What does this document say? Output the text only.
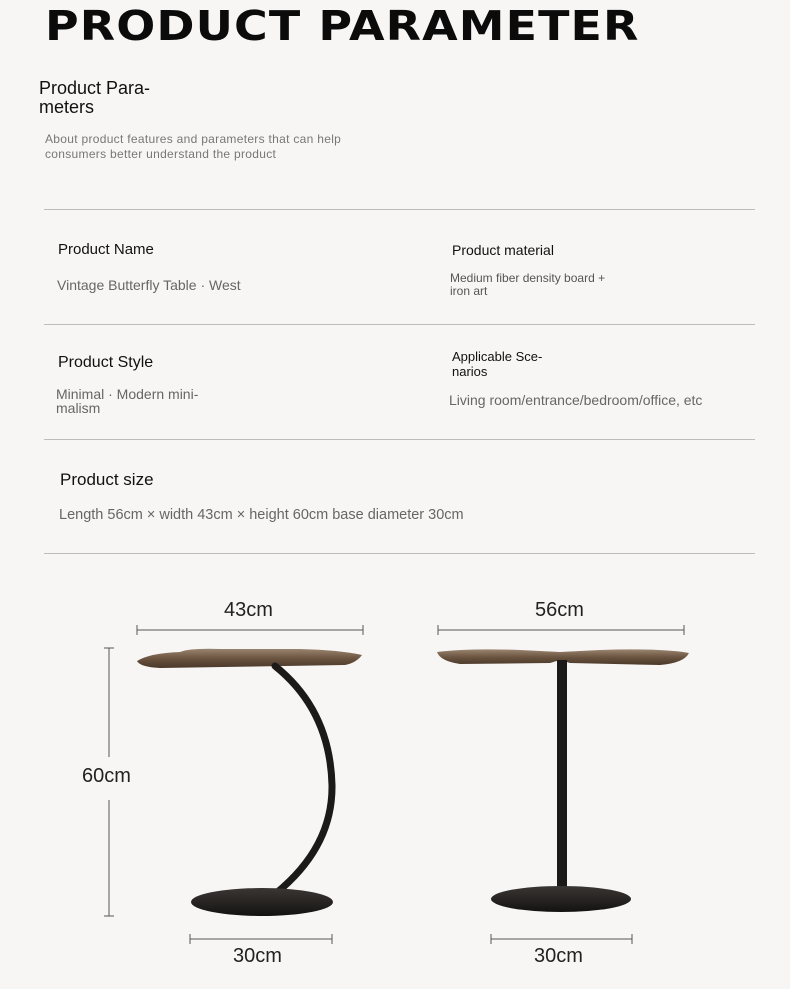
PRODUCT PARAMETER
Product Para-
meters
About product features and parameters that can help
consumers better understand the product
Product Name
Vintage Butterfly Table · West
Product material
Medium fiber density board +
iron art
Product Style
Minimal · Modern mini-
malism
Applicable Sce-
narios
Living room/entrance/bedroom/office, etc
Product size
Length 56cm × width 43cm × height 60cm base diameter 30cm
43cm
60cm
30cm
56cm
30cm
